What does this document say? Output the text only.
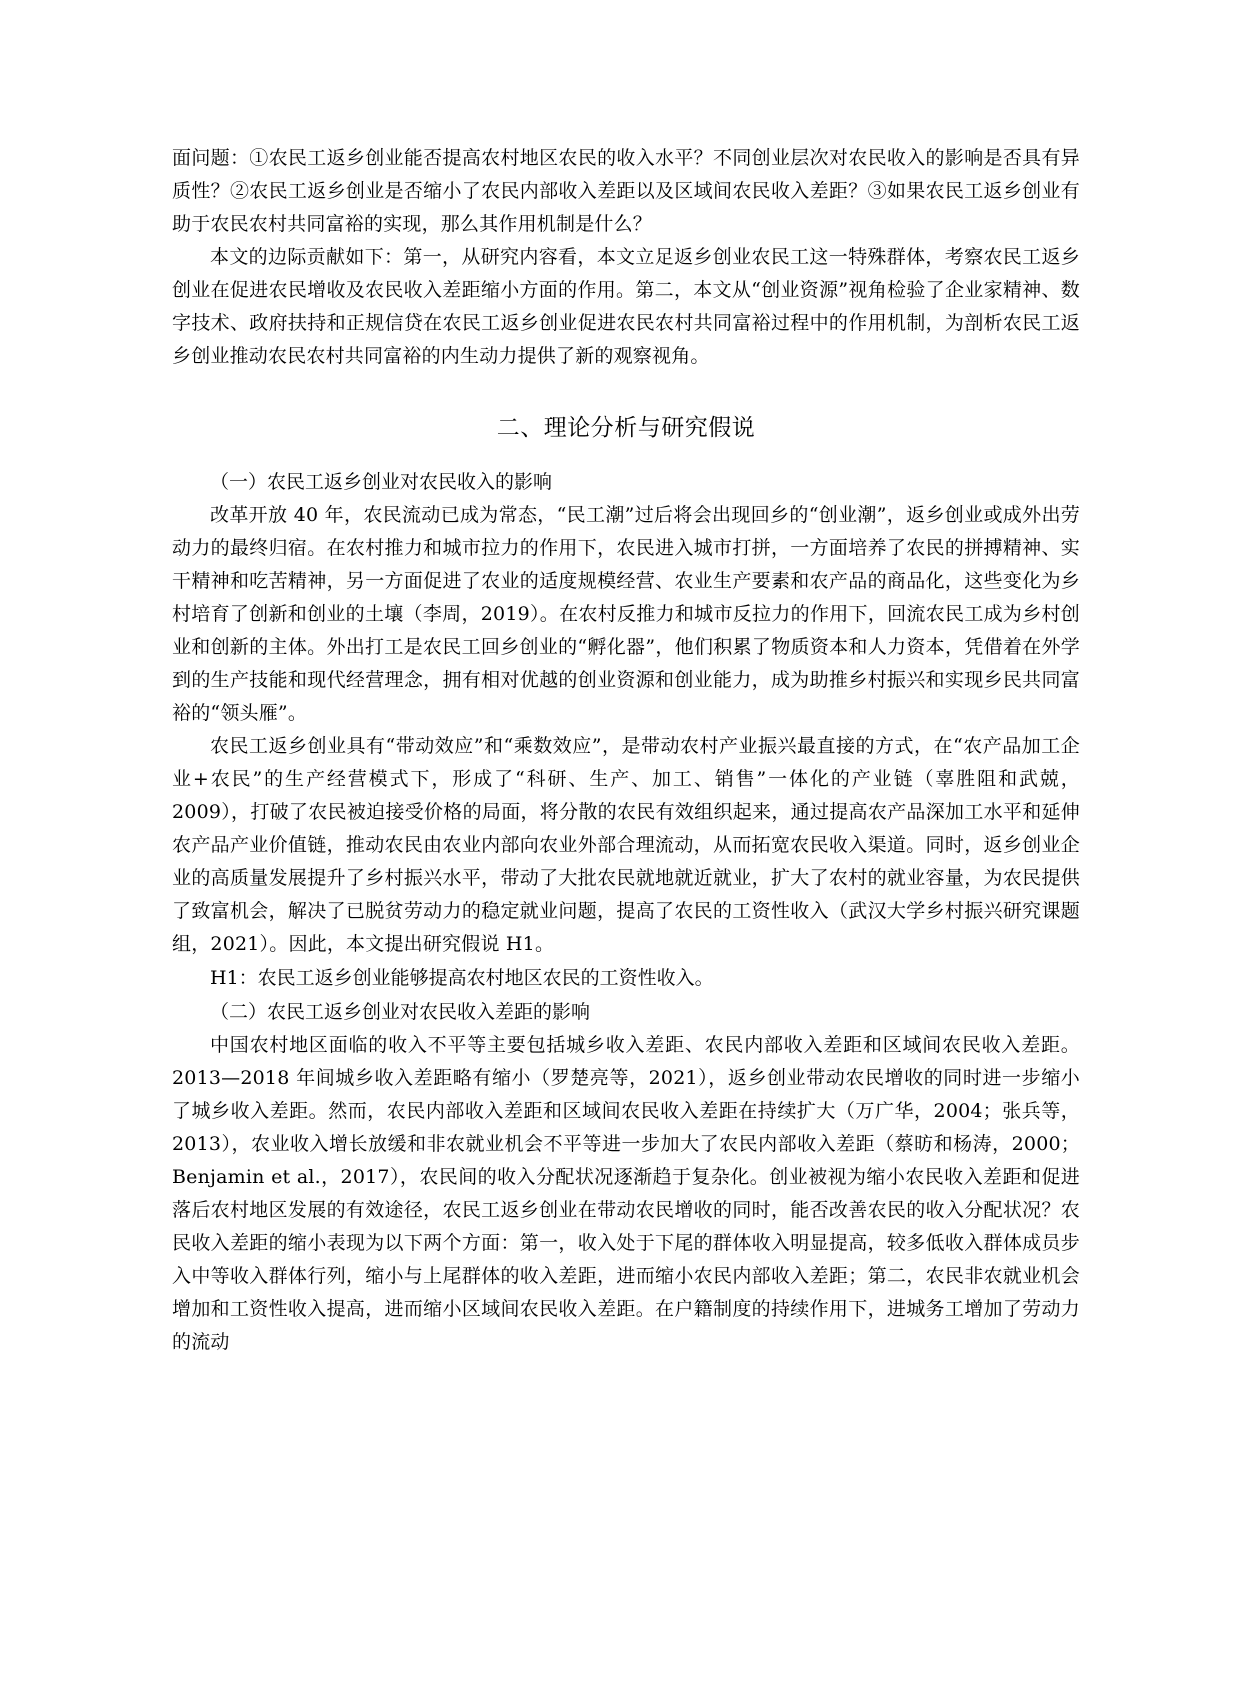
面问题：①农民工返乡创业能否提高农村地区农民的收入水平？不同创业层次对农民收入的影响是否具有异质性？②农民工返乡创业是否缩小了农民内部收入差距以及区域间农民收入差距？③如果农民工返乡创业有助于农民农村共同富裕的实现，那么其作用机制是什么？

本文的边际贡献如下：第一，从研究内容看，本文立足返乡创业农民工这一特殊群体，考察农民工返乡创业在促进农民增收及农民收入差距缩小方面的作用。第二，本文从“创业资源”视角检验了企业家精神、数字技术、政府扶持和正规信贷在农民工返乡创业促进农民农村共同富裕过程中的作用机制，为剖析农民工返乡创业推动农民农村共同富裕的内生动力提供了新的观察视角。

二、理论分析与研究假说
（一）农民工返乡创业对农民收入的影响

改革开放 40 年，农民流动已成为常态，“民工潮”过后将会出现回乡的“创业潮”，返乡创业或成外出劳动力的最终归宿。在农村推力和城市拉力的作用下，农民进入城市打拼，一方面培养了农民的拼搏精神、实干精神和吃苦精神，另一方面促进了农业的适度规模经营、农业生产要素和农产品的商品化，这些变化为乡村培育了创新和创业的土壤（李周，2019）。在农村反推力和城市反拉力的作用下，回流农民工成为乡村创业和创新的主体。外出打工是农民工回乡创业的“孵化器”，他们积累了物质资本和人力资本，凭借着在外学到的生产技能和现代经营理念，拥有相对优越的创业资源和创业能力，成为助推乡村振兴和实现乡民共同富裕的“领头雁”。

农民工返乡创业具有“带动效应”和“乘数效应”，是带动农村产业振兴最直接的方式，在“农产品加工企业+农民”的生产经营模式下，形成了“科研、生产、加工、销售”一体化的产业链（辜胜阻和武兢，2009），打破了农民被迫接受价格的局面，将分散的农民有效组织起来，通过提高农产品深加工水平和延伸农产品产业价值链，推动农民由农业内部向农业外部合理流动，从而拓宽农民收入渠道。同时，返乡创业企业的高质量发展提升了乡村振兴水平，带动了大批农民就地就近就业，扩大了农村的就业容量，为农民提供了致富机会，解决了已脱贫劳动力的稳定就业问题，提高了农民的工资性收入（武汉大学乡村振兴研究课题组，2021）。因此，本文提出研究假说 H1。

H1：农民工返乡创业能够提高农村地区农民的工资性收入。

（二）农民工返乡创业对农民收入差距的影响

中国农村地区面临的收入不平等主要包括城乡收入差距、农民内部收入差距和区域间农民收入差距。2013—2018 年间城乡收入差距略有缩小（罗楚亮等，2021），返乡创业带动农民增收的同时进一步缩小了城乡收入差距。然而，农民内部收入差距和区域间农民收入差距在持续扩大（万广华，2004；张兵等，2013），农业收入增长放缓和非农就业机会不平等进一步加大了农民内部收入差距（蔡昉和杨涛，2000；Benjamin et al.，2017），农民间的收入分配状况逐渐趋于复杂化。创业被视为缩小农民收入差距和促进落后农村地区发展的有效途径，农民工返乡创业在带动农民增收的同时，能否改善农民的收入分配状况？农民收入差距的缩小表现为以下两个方面：第一，收入处于下尾的群体收入明显提高，较多低收入群体成员步入中等收入群体行列，缩小与上尾群体的收入差距，进而缩小农民内部收入差距；第二，农民非农就业机会增加和工资性收入提高，进而缩小区域间农民收入差距。在户籍制度的持续作用下，进城务工增加了劳动力的流动
